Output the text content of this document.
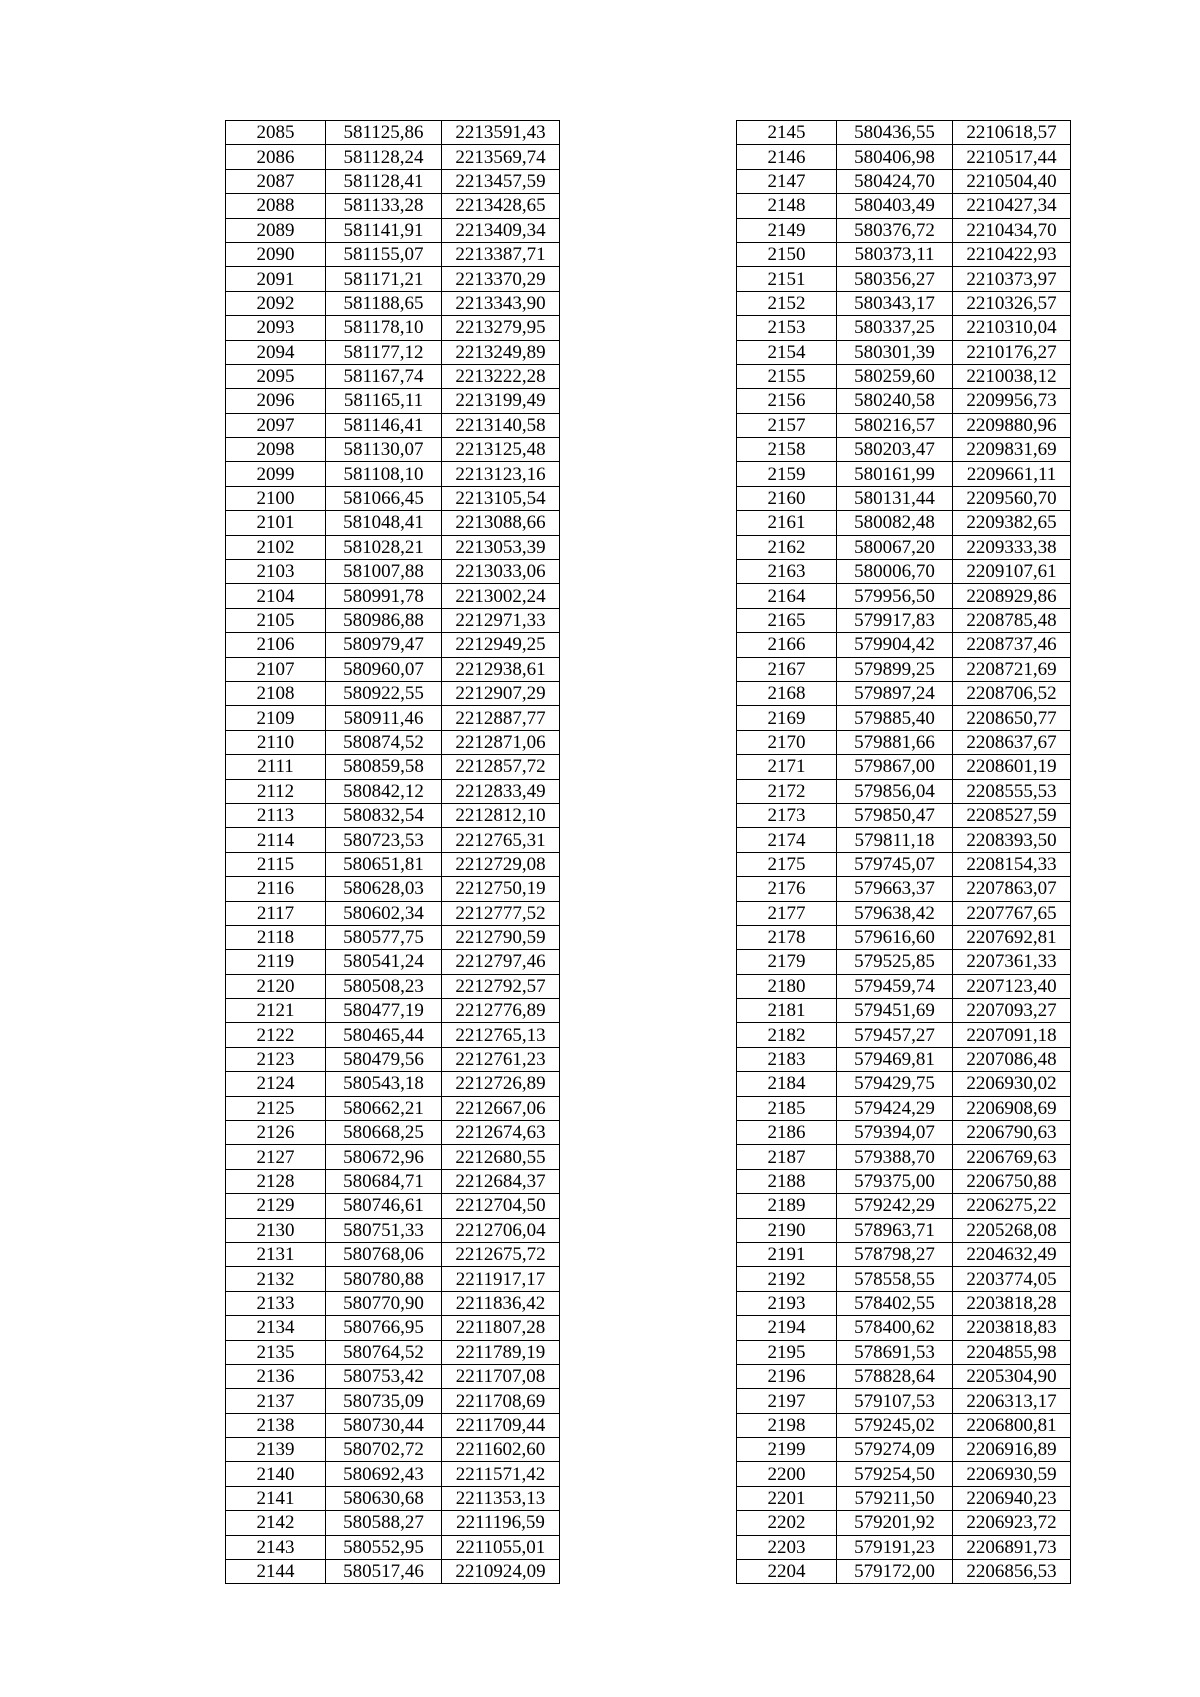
2085	581125,86	2213591,43
2086	581128,24	2213569,74
2087	581128,41	2213457,59
2088	581133,28	2213428,65
2089	581141,91	2213409,34
2090	581155,07	2213387,71
2091	581171,21	2213370,29
2092	581188,65	2213343,90
2093	581178,10	2213279,95
2094	581177,12	2213249,89
2095	581167,74	2213222,28
2096	581165,11	2213199,49
2097	581146,41	2213140,58
2098	581130,07	2213125,48
2099	581108,10	2213123,16
2100	581066,45	2213105,54
2101	581048,41	2213088,66
2102	581028,21	2213053,39
2103	581007,88	2213033,06
2104	580991,78	2213002,24
2105	580986,88	2212971,33
2106	580979,47	2212949,25
2107	580960,07	2212938,61
2108	580922,55	2212907,29
2109	580911,46	2212887,77
2110	580874,52	2212871,06
2111	580859,58	2212857,72
2112	580842,12	2212833,49
2113	580832,54	2212812,10
2114	580723,53	2212765,31
2115	580651,81	2212729,08
2116	580628,03	2212750,19
2117	580602,34	2212777,52
2118	580577,75	2212790,59
2119	580541,24	2212797,46
2120	580508,23	2212792,57
2121	580477,19	2212776,89
2122	580465,44	2212765,13
2123	580479,56	2212761,23
2124	580543,18	2212726,89
2125	580662,21	2212667,06
2126	580668,25	2212674,63
2127	580672,96	2212680,55
2128	580684,71	2212684,37
2129	580746,61	2212704,50
2130	580751,33	2212706,04
2131	580768,06	2212675,72
2132	580780,88	2211917,17
2133	580770,90	2211836,42
2134	580766,95	2211807,28
2135	580764,52	2211789,19
2136	580753,42	2211707,08
2137	580735,09	2211708,69
2138	580730,44	2211709,44
2139	580702,72	2211602,60
2140	580692,43	2211571,42
2141	580630,68	2211353,13
2142	580588,27	2211196,59
2143	580552,95	2211055,01
2144	580517,46	2210924,09
2145	580436,55	2210618,57
2146	580406,98	2210517,44
2147	580424,70	2210504,40
2148	580403,49	2210427,34
2149	580376,72	2210434,70
2150	580373,11	2210422,93
2151	580356,27	2210373,97
2152	580343,17	2210326,57
2153	580337,25	2210310,04
2154	580301,39	2210176,27
2155	580259,60	2210038,12
2156	580240,58	2209956,73
2157	580216,57	2209880,96
2158	580203,47	2209831,69
2159	580161,99	2209661,11
2160	580131,44	2209560,70
2161	580082,48	2209382,65
2162	580067,20	2209333,38
2163	580006,70	2209107,61
2164	579956,50	2208929,86
2165	579917,83	2208785,48
2166	579904,42	2208737,46
2167	579899,25	2208721,69
2168	579897,24	2208706,52
2169	579885,40	2208650,77
2170	579881,66	2208637,67
2171	579867,00	2208601,19
2172	579856,04	2208555,53
2173	579850,47	2208527,59
2174	579811,18	2208393,50
2175	579745,07	2208154,33
2176	579663,37	2207863,07
2177	579638,42	2207767,65
2178	579616,60	2207692,81
2179	579525,85	2207361,33
2180	579459,74	2207123,40
2181	579451,69	2207093,27
2182	579457,27	2207091,18
2183	579469,81	2207086,48
2184	579429,75	2206930,02
2185	579424,29	2206908,69
2186	579394,07	2206790,63
2187	579388,70	2206769,63
2188	579375,00	2206750,88
2189	579242,29	2206275,22
2190	578963,71	2205268,08
2191	578798,27	2204632,49
2192	578558,55	2203774,05
2193	578402,55	2203818,28
2194	578400,62	2203818,83
2195	578691,53	2204855,98
2196	578828,64	2205304,90
2197	579107,53	2206313,17
2198	579245,02	2206800,81
2199	579274,09	2206916,89
2200	579254,50	2206930,59
2201	579211,50	2206940,23
2202	579201,92	2206923,72
2203	579191,23	2206891,73
2204	579172,00	2206856,53
